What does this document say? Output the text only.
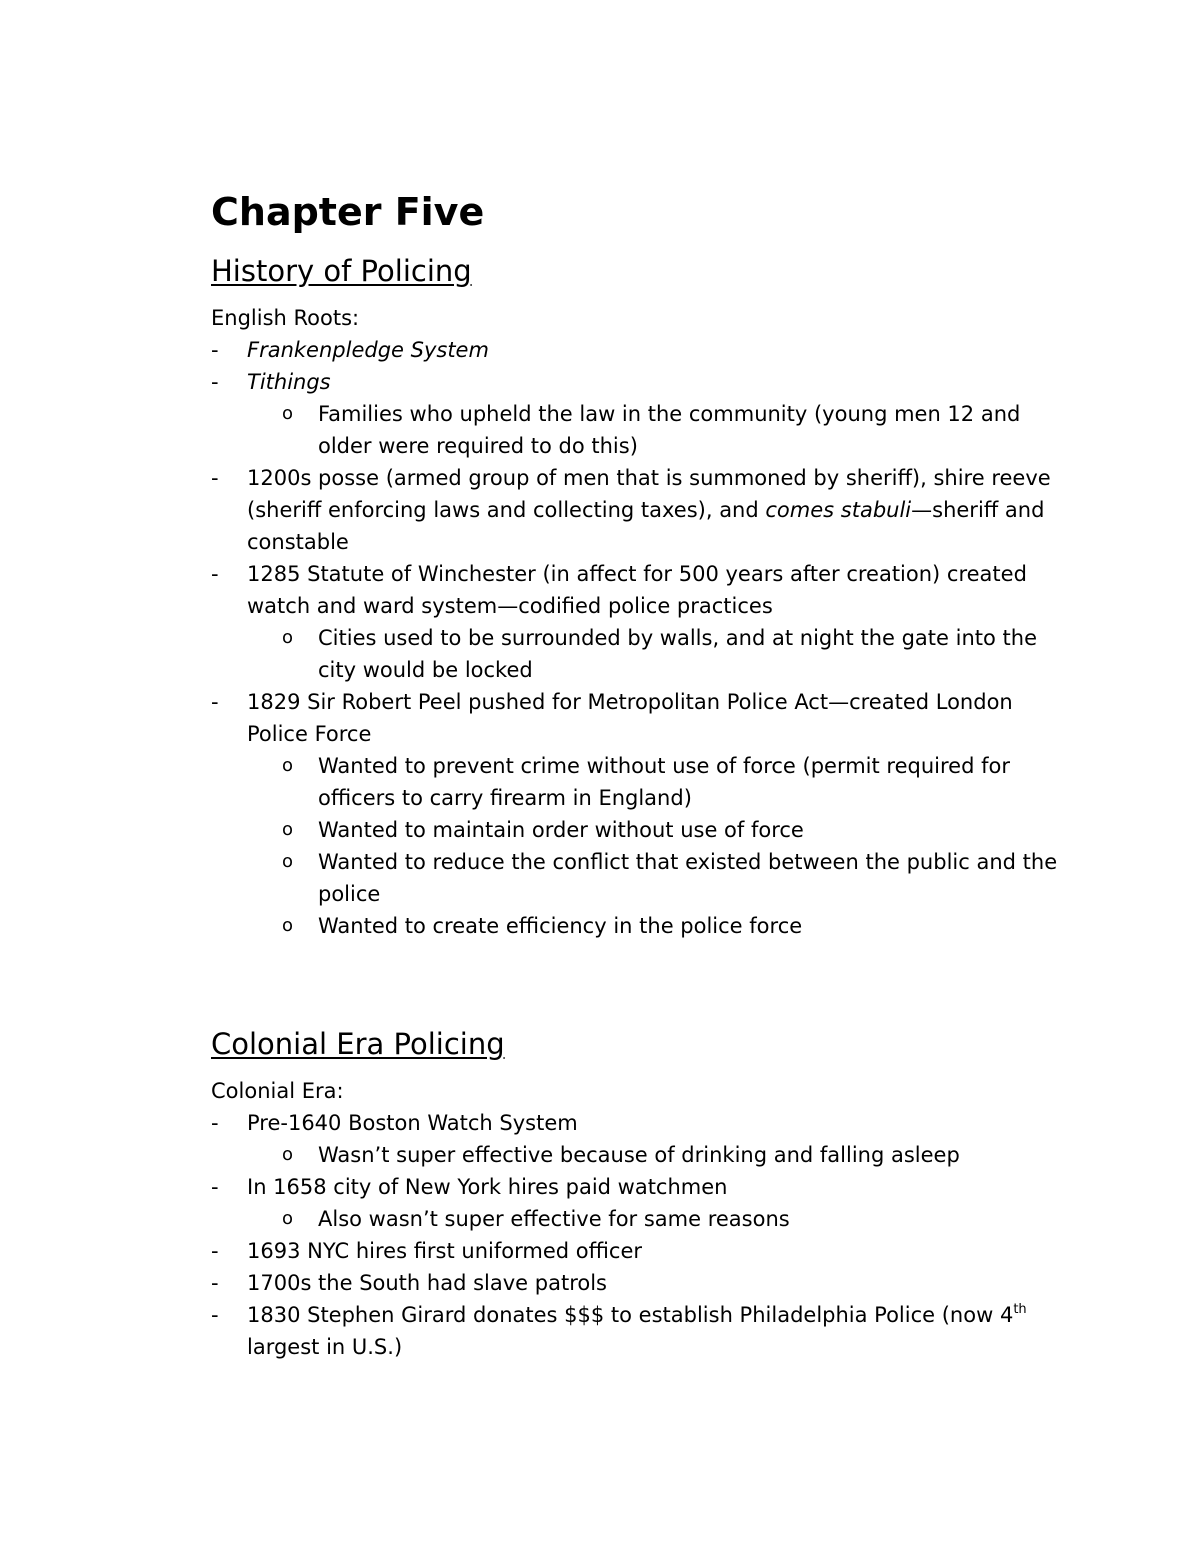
Chapter Five
History of Policing

English Roots:

- Frankenpledge System
- Tithings
o Families who upheld the law in the community (young men 12 and older were required to do this)
- 1200s posse (armed group of men that is summoned by sheriff), shire reeve (sheriff enforcing laws and collecting taxes), and comes stabuli—sheriff and constable
- 1285 Statute of Winchester (in affect for 500 years after creation) created watch and ward system—codified police practices
o Cities used to be surrounded by walls, and at night the gate into the city would be locked
- 1829 Sir Robert Peel pushed for Metropolitan Police Act—created London Police Force
o Wanted to prevent crime without use of force (permit required for officers to carry firearm in England)
o Wanted to maintain order without use of force
o Wanted to reduce the conflict that existed between the public and the police
o Wanted to create efficiency in the police force
Colonial Era Policing

Colonial Era:

- Pre-1640 Boston Watch System
o Wasn’t super effective because of drinking and falling asleep
- In 1658 city of New York hires paid watchmen
o Also wasn’t super effective for same reasons
- 1693 NYC hires first uniformed officer
- 1700s the South had slave patrols
- 1830 Stephen Girard donates $$$ to establish Philadelphia Police (now 4th largest in U.S.)
